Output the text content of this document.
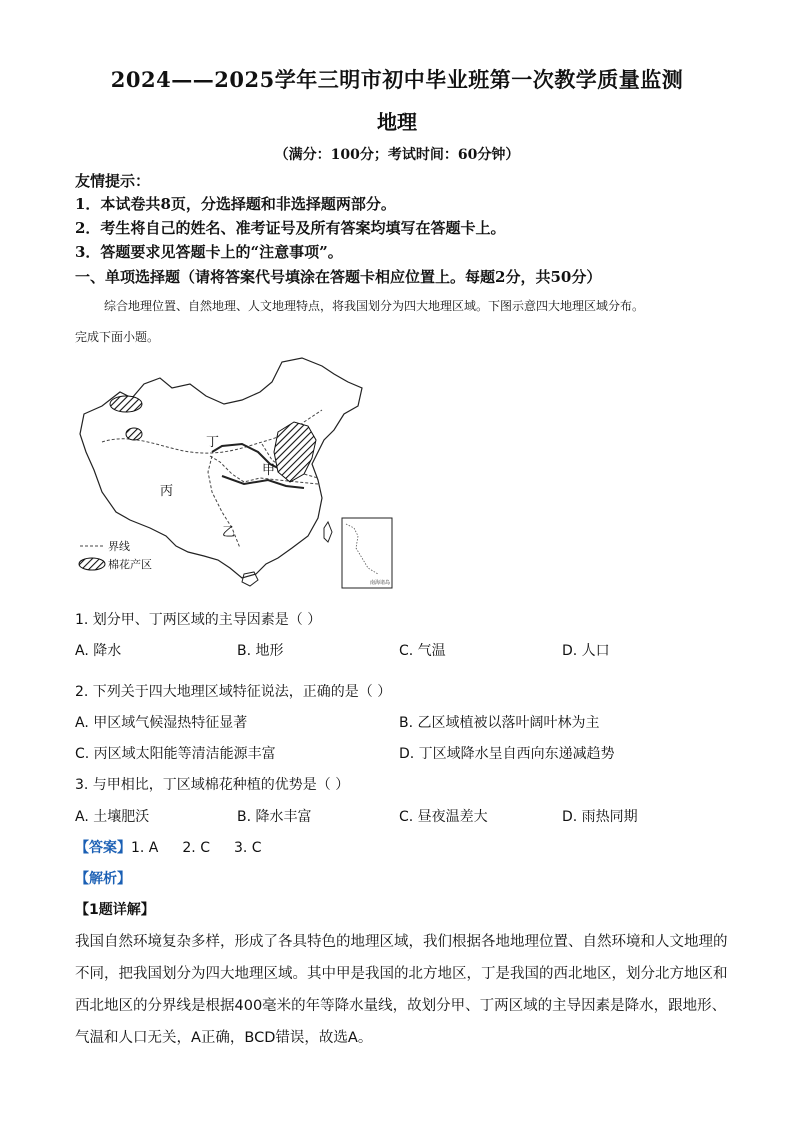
2024——2025学年三明市初中毕业班第一次教学质量监测
地理
（满分：100分；考试时间：60分钟）
友情提示：
1．本试卷共8页，分选择题和非选择题两部分。
2．考生将自己的姓名、准考证号及所有答案均填写在答题卡上。
3．答题要求见答题卡上的“注意事项”。
一、单项选择题（请将答案代号填涂在答题卡相应位置上。每题2分，共50分）
综合地理位置、自然地理、人文地理特点，将我国划分为四大地理区域。下图示意四大地理区域分布。
完成下面小题。
丁
甲
丙
乙
界线
棉花产区
南海诸岛
1. 划分甲、丁两区域的主导因素是（ ）
A. 降水	B. 地形	C. 气温	D. 人口
2. 下列关于四大地理区域特征说法，正确的是（ ）
A. 甲区域气候湿热特征显著	B. 乙区域植被以落叶阔叶林为主
C. 丙区域太阳能等清洁能源丰富	D. 丁区域降水呈自西向东递减趋势
3. 与甲相比，丁区域棉花种植的优势是（ ）
A. 土壤肥沃	B. 降水丰富	C. 昼夜温差大	D. 雨热同期
【答案】1. A 2. C 3. C
【解析】
【1题详解】
我国自然环境复杂多样，形成了各具特色的地理区域，我们根据各地地理位置、自然环境和人文地理的
不同，把我国划分为四大地理区域。其中甲是我国的北方地区，丁是我国的西北地区，划分北方地区和
西北地区的分界线是根据400毫米的年等降水量线，故划分甲、丁两区域的主导因素是降水，跟地形、
气温和人口无关，A正确，BCD错误，故选A。
